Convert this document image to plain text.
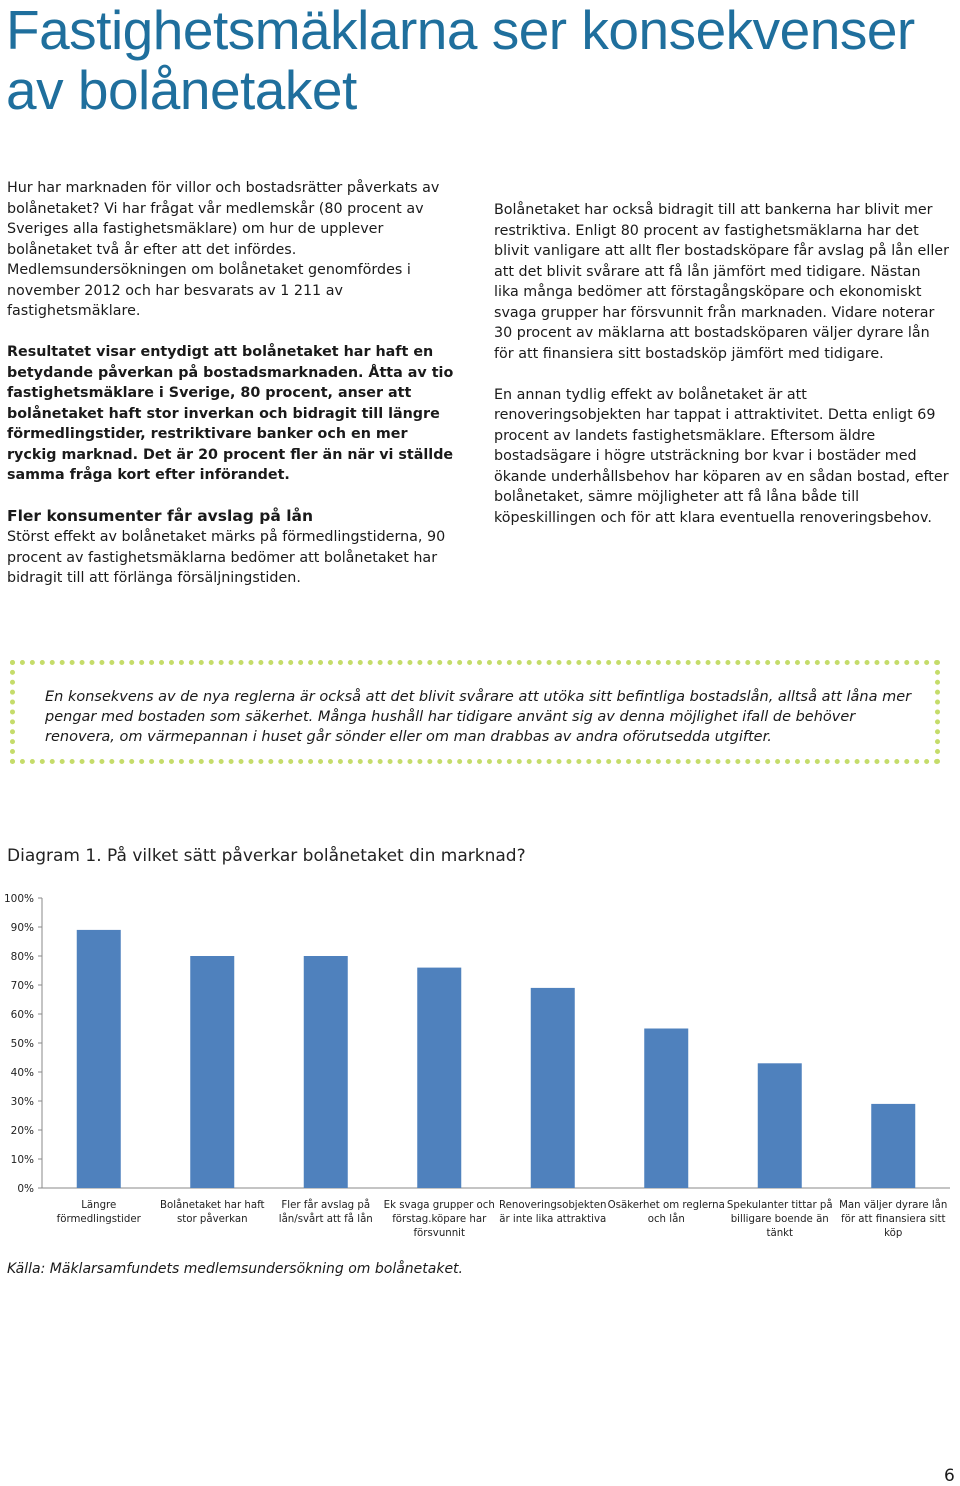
Fastighetsmäklarna ser konsekvenser
av bolånetaket

Hur har marknaden för villor och bostadsrätter påverkats av bolånetaket? Vi har frågat vår medlemskår (80 procent av Sveriges alla fastighetsmäklare) om hur de upplever bolånetaket två år efter att det infördes. Medlemsundersökningen om bolånetaket genomfördes i november 2012 och har besvarats av 1 211 av fastighetsmäklare.

Resultatet visar entydigt att bolånetaket har haft en betydande påverkan på bostadsmarknaden. Åtta av tio fastighetsmäklare i Sverige, 80 procent, anser att bolånetaket haft stor inverkan och bidragit till längre förmedlingstider, restriktivare banker och en mer ryckig marknad. Det är 20 procent fler än när vi ställde samma fråga kort efter införandet.

Fler konsumenter får avslag på lån

Störst effekt av bolånetaket märks på förmedlingstiderna, 90 procent av fastighetsmäklarna bedömer att bolånetaket har bidragit till att förlänga försäljningstiden.

Bolånetaket har också bidragit till att bankerna har blivit mer restriktiva. Enligt 80 procent av fastighetsmäklarna har det blivit vanligare att allt fler bostadsköpare får avslag på lån eller att det blivit svårare att få lån jämfört med tidigare. Nästan lika många bedömer att förstagångsköpare och ekonomiskt svaga grupper har försvunnit från marknaden. Vidare noterar 30 procent av mäklarna att bostadsköparen väljer dyrare lån för att finansiera sitt bostadsköp jämfört med tidigare.

En annan tydlig effekt av bolånetaket är att renoveringsobjekten har tappat i attraktivitet. Detta enligt 69 procent av landets fastighetsmäklare. Eftersom äldre bostadsägare i högre utsträckning bor kvar i bostäder med ökande underhållsbehov har köparen av en sådan bostad, efter bolånetaket, sämre möjligheter att få låna både till köpeskillingen och för att klara eventuella renoveringsbehov.

En konsekvens av de nya reglerna är också att det blivit svårare att utöka sitt befintliga bostadslån, alltså att låna mer pengar med bostaden som säkerhet. Många hushåll har tidigare använt sig av denna möjlighet ifall de behöver renovera, om värmepannan i huset går sönder eller om man drabbas av andra oförutsedda utgifter.
Diagram 1. På vilket sätt påverkar bolånetaket din marknad?
0%
10%
20%
30%
40%
50%
60%
70%
80%
90%
100%
Längre
förmedlingstider
Bolånetaket har haft
stor påverkan
Fler får avslag på
lån/svårt att få lån
Ek svaga grupper och
förstag.köpare har
försvunnit
Renoveringsobjekten
är inte lika attraktiva
Osäkerhet om reglerna
och lån
Spekulanter tittar på
billigare boende än
tänkt
Man väljer dyrare lån
för att finansiera sitt
köp
Källa: Mäklarsamfundets medlemsundersökning om bolånetaket.
6
